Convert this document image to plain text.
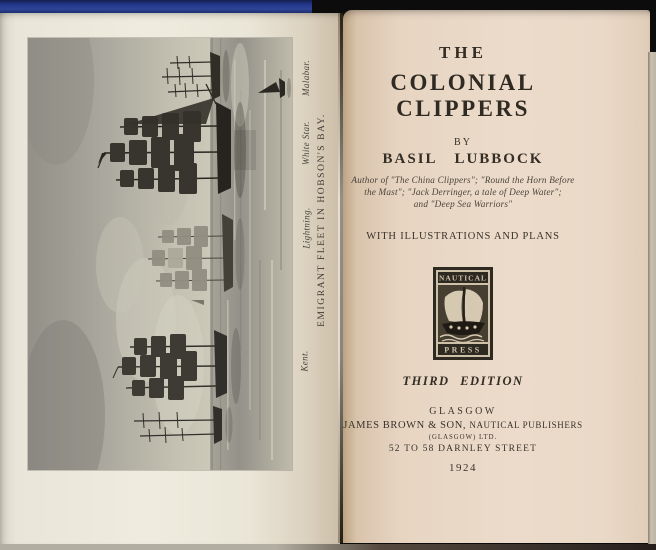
Malabar.
White Star.
Lightning.
Kent.
EMIGRANT FLEET IN HOBSON'S BAY.
THE
COLONIAL CLIPPERS
BY
BASIL LUBBOCK
Author of "The China Clippers"; "Round the Horn Before
the Mast"; "Jack Derringer, a tale of Deep Water";
and "Deep Sea Warriors"
WITH ILLUSTRATIONS AND PLANS
NAUTICAL
PRESS
THIRD EDITION
GLASGOW
JAMES BROWN & SON, NAUTICAL PUBLISHERS
(GLASGOW) LTD.
52 TO 58 DARNLEY STREET
1924
